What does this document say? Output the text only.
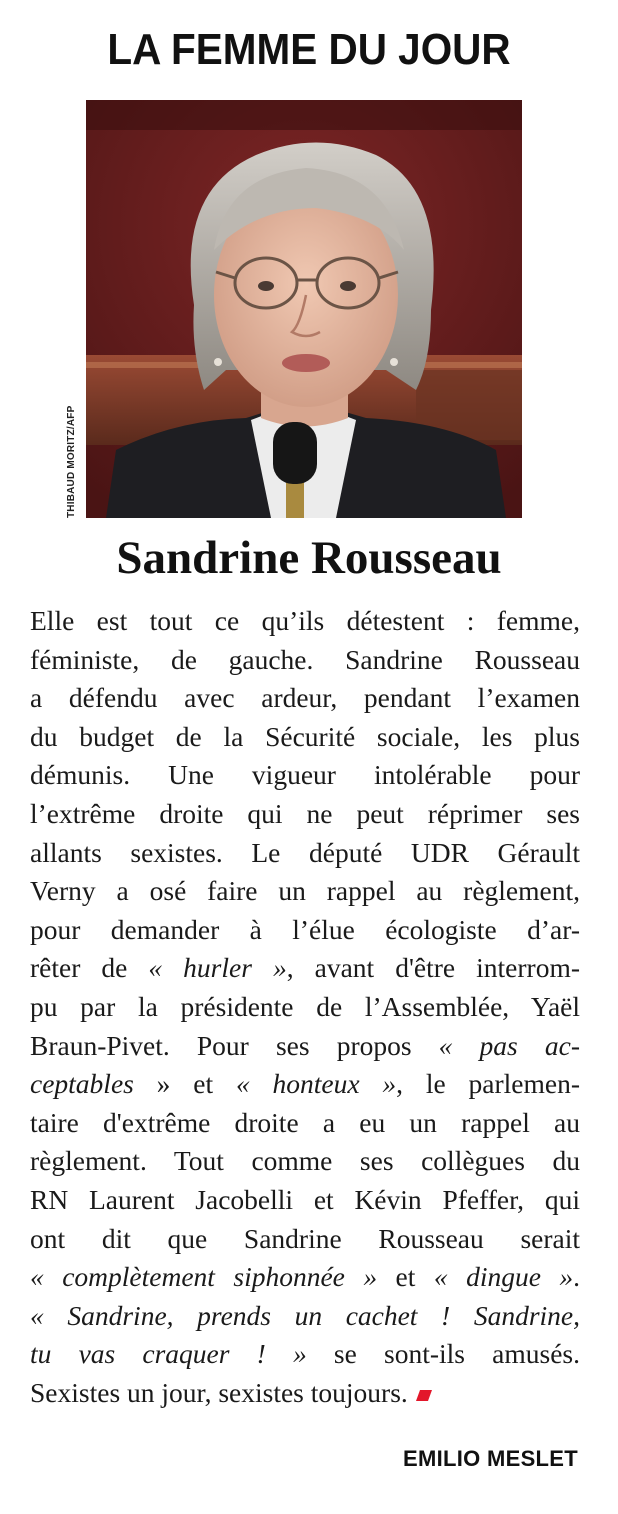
LA FEMME DU JOUR
THIBAUD MORITZ/AFP
Sandrine Rousseau
Elle est tout ce qu’ils détestent : femme,
féministe, de gauche. Sandrine Rousseau
a défendu avec ardeur, pendant l’examen
du budget de la Sécurité sociale, les plus
démunis. Une vigueur intolérable pour
l’extrême droite qui ne peut réprimer ses
allants sexistes. Le député UDR Gérault
Verny a osé faire un rappel au règlement,
pour demander à l’élue écologiste d’ar-
rêter de « hurler », avant d'être interrom-
pu par la présidente de l’Assemblée, Yaël
Braun-Pivet. Pour ses propos « pas ac-
ceptables » et « honteux », le parlemen-
taire d'extrême droite a eu un rappel au
règlement. Tout comme ses collègues du
RN Laurent Jacobelli et Kévin Pfeffer, qui
ont dit que Sandrine Rousseau serait
« complètement siphonnée » et « dingue ».
« Sandrine, prends un cachet ! Sandrine,
tu vas craquer ! » se sont-ils amusés.
Sexistes un jour, sexistes toujours.
EMILIO MESLET
